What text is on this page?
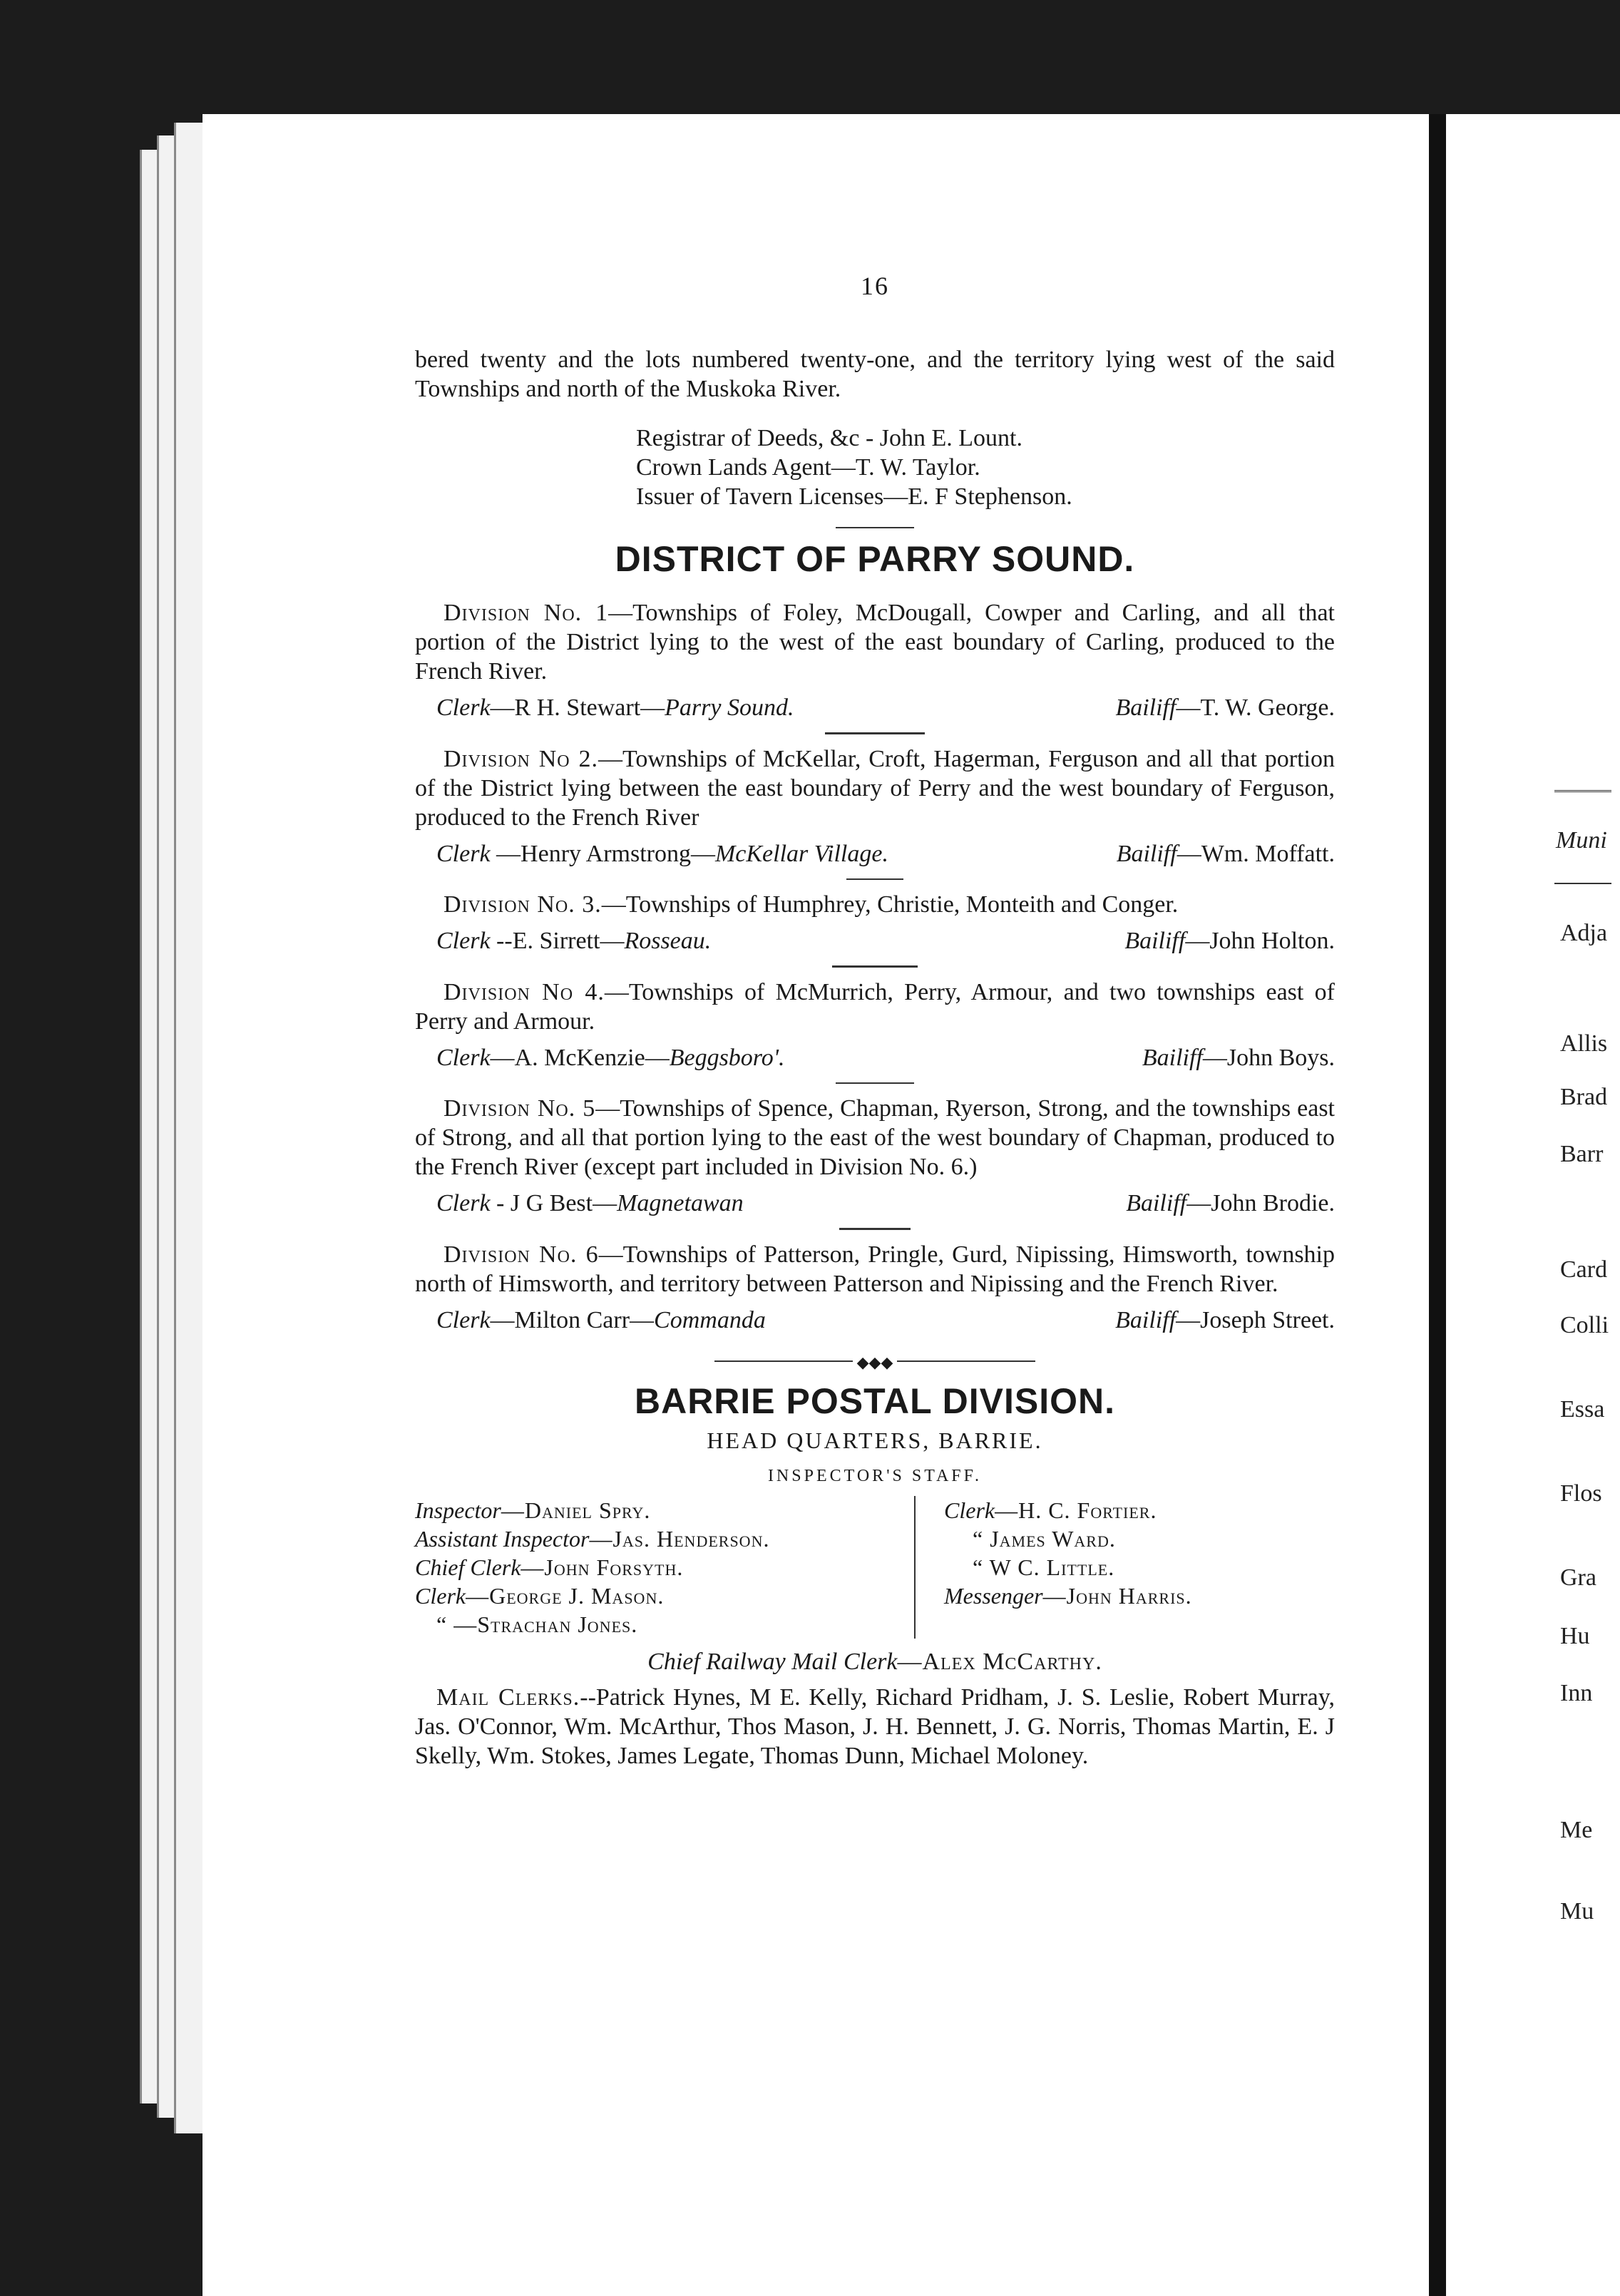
16

bered twenty and the lots numbered twenty-one, and the territory lying west of the said Townships and north of the Muskoka River.

Registrar of Deeds, &c - John E. Lount.
Crown Lands Agent—T. W. Taylor.
Issuer of Tavern Licenses—E. F Stephenson.
DISTRICT OF PARRY SOUND.

Division No. 1—Townships of Foley, McDougall, Cowper and Carling, and all that portion of the District lying to the west of the east boundary of Carling, produced to the French River.

Clerk—R H. Stewart—Parry Sound.	Bailiff—T. W. George.

Division No 2.—Townships of McKellar, Croft, Hagerman, Ferguson and all that portion of the District lying between the east boundary of Perry and the west boundary of Ferguson, produced to the French River

Clerk —Henry Armstrong—McKellar Village.	Bailiff—Wm. Moffatt.

Division No. 3.—Townships of Humphrey, Christie, Monteith and Conger.

Clerk --E. Sirrett—Rosseau.	Bailiff—John Holton.

Division No 4.—Townships of McMurrich, Perry, Armour, and two townships east of Perry and Armour.

Clerk—A. McKenzie—Beggsboro'.	Bailiff—John Boys.

Division No. 5—Townships of Spence, Chapman, Ryerson, Strong, and the townships east of Strong, and all that portion lying to the east of the west boundary of Chapman, produced to the French River (except part included in Division No. 6.)

Clerk - J G Best—Magnetawan	Bailiff—John Brodie.

Division No. 6—Townships of Patterson, Pringle, Gurd, Nipissing, Himsworth, township north of Himsworth, and territory between Patterson and Nipissing and the French River.

Clerk—Milton Carr—Commanda	Bailiff—Joseph Street.
◆◆◆
BARRIE POSTAL DIVISION.
HEAD QUARTERS, BARRIE.
INSPECTOR'S STAFF.
Inspector—Daniel Spry.
Assistant Inspector—Jas. Henderson.
Chief Clerk—John Forsyth.
Clerk—George J. Mason.
“ —Strachan Jones.
Clerk—H. C. Fortier.
“ James Ward.
“ W C. Little.
Messenger—John Harris.
Chief Railway Mail Clerk—Alex McCarthy.

Mail Clerks.--Patrick Hynes, M E. Kelly, Richard Pridham, J. S. Leslie, Robert Murray, Jas. O'Connor, Wm. McArthur, Thos Mason, J. H. Bennett, J. G. Norris, Thomas Martin, E. J Skelly, Wm. Stokes, James Legate, Thomas Dunn, Michael Moloney.

Muni
Adja
Allis
Brad
Barr
Card
Colli
Essa
Flos
Gra
Hu
Inn
Me
Mu
